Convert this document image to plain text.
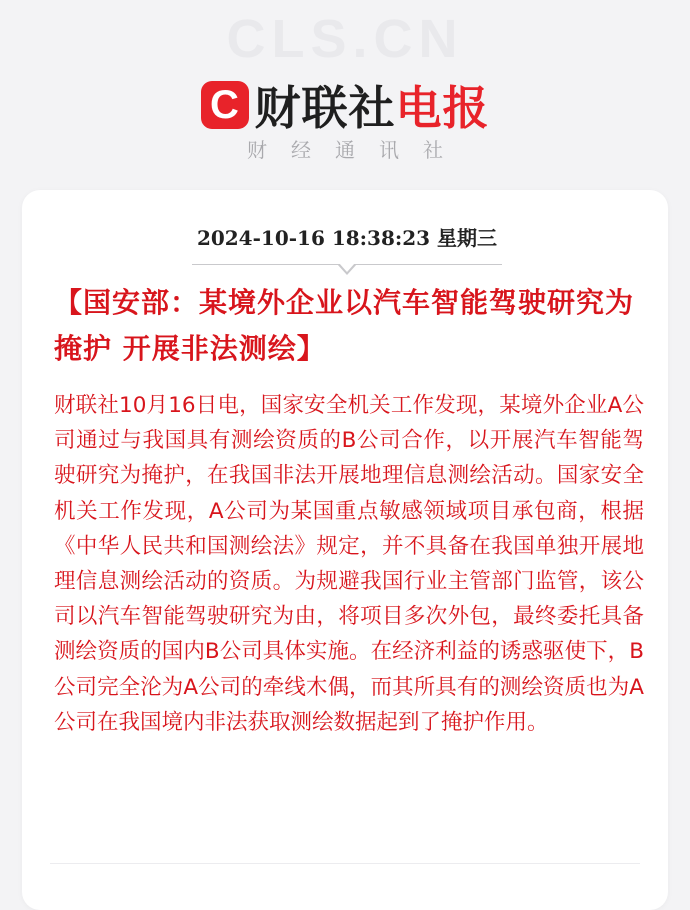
CLS.CN
C 财联社电报
财经通讯社
2024-10-16 18:38:23 星期三
【国安部：某境外企业以汽车智能驾驶研究为掩护 开展非法测绘】
财联社10月16日电，国家安全机关工作发现，某境外企业A公司通过与我国具有测绘资质的B公司合作，以开展汽车智能驾驶研究为掩护，在我国非法开展地理信息测绘活动。国家安全机关工作发现，A公司为某国重点敏感领域项目承包商，根据《中华人民共和国测绘法》规定，并不具备在我国单独开展地理信息测绘活动的资质。为规避我国行业主管部门监管，该公司以汽车智能驾驶研究为由，将项目多次外包，最终委托具备测绘资质的国内B公司具体实施。在经济利益的诱惑驱使下，B公司完全沦为A公司的牵线木偶，而其所具有的测绘资质也为A公司在我国境内非法获取测绘数据起到了掩护作用。
